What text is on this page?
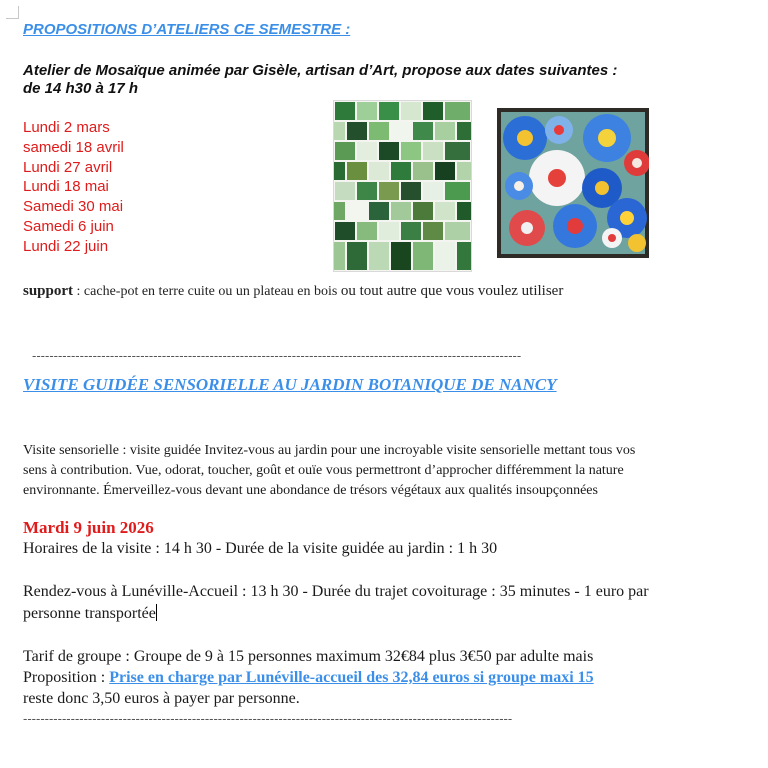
PROPOSITIONS D’ATELIERS CE SEMESTRE :
Atelier de Mosaïque animée par Gisèle, artisan d’Art, propose aux dates suivantes :
de 14 h30 à 17 h
Lundi 2 mars
samedi 18 avril
Lundi 27 avril
Lundi 18 mai
Samedi 30 mai
Samedi 6 juin
Lundi 22 juin
support : cache-pot en terre cuite ou un plateau en bois ou tout autre que vous voulez utiliser
-----------------------------------------------------------------------------------------------------------------
VISITE GUIDÉE SENSORIELLE AU JARDIN BOTANIQUE DE NANCY
Visite sensorielle : visite guidée Invitez-vous au jardin pour une incroyable visite sensorielle mettant tous vos
sens à contribution. Vue, odorat, toucher, goût et ouïe vous permettront d’approcher différemment la nature
environnante. Émerveillez-vous devant une abondance de trésors végétaux aux qualités insoupçonnées
Mardi 9 juin 2026
Horaires de la visite : 14 h 30 - Durée de la visite guidée au jardin : 1 h 30
Rendez-vous à Lunéville-Accueil : 13 h 30 - Durée du trajet covoiturage : 35 minutes - 1 euro par
personne transportée
Tarif de groupe : Groupe de 9 à 15 personnes maximum 32€84 plus 3€50 par adulte mais
Proposition : Prise en charge par Lunéville-accueil des 32,84 euros si groupe maxi 15
reste donc 3,50 euros à payer par personne.
-----------------------------------------------------------------------------------------------------------------
